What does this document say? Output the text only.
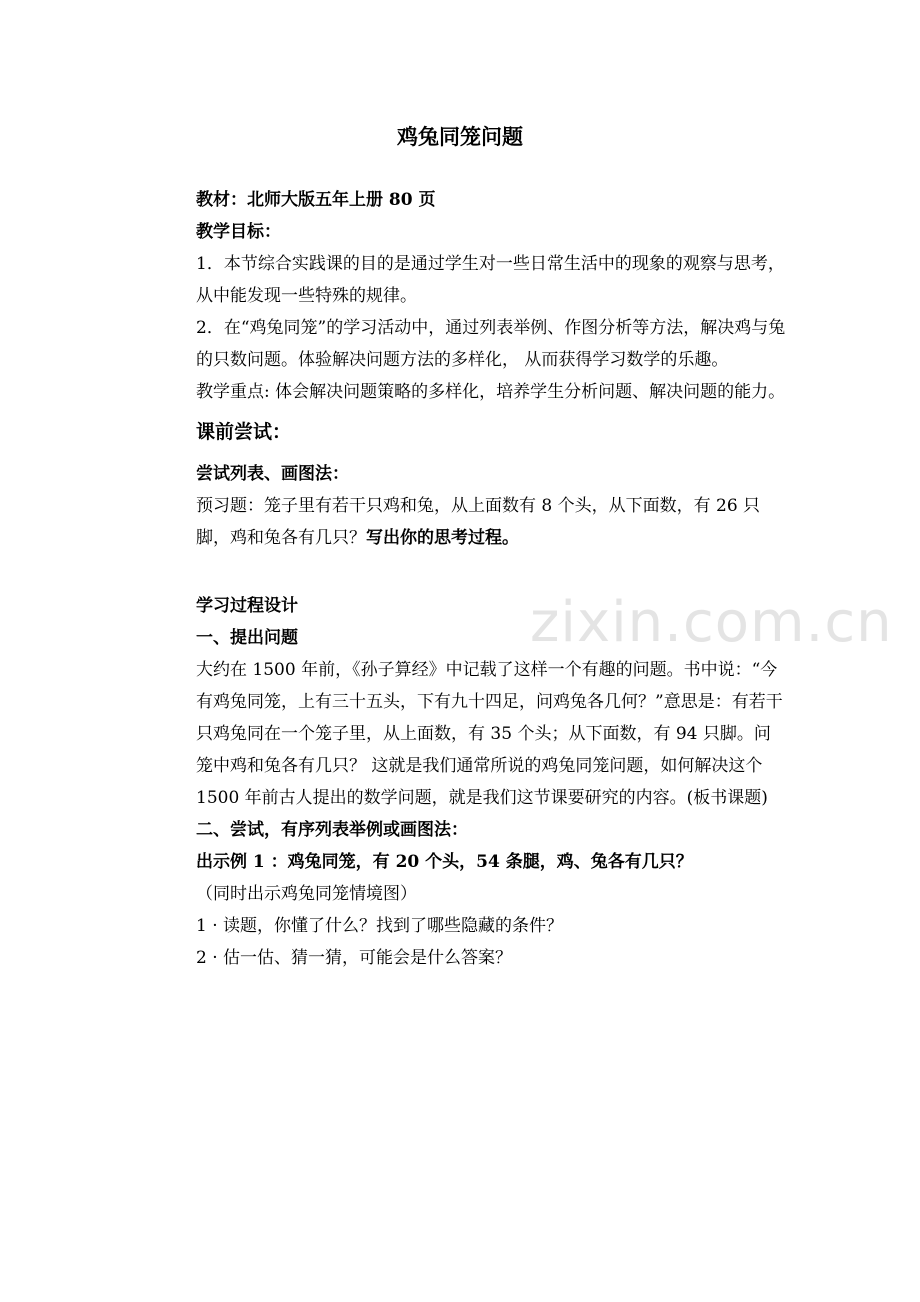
zixin.com.cn
鸡兔同笼问题

教材：北师大版五年上册 80 页

教学目标：

1．本节综合实践课的目的是通过学生对一些日常生活中的现象的观察与思考，从中能发现一些特殊的规律。

2．在“鸡兔同笼”的学习活动中，通过列表举例、作图分析等方法，解决鸡与兔的只数问题。体验解决问题方法的多样化， 从而获得学习数学的乐趣。

教学重点: 体会解决问题策略的多样化，培养学生分析问题、解决问题的能力。

课前尝试：

尝试列表、画图法：

预习题：笼子里有若干只鸡和兔，从上面数有 8 个头，从下面数，有 26 只脚，鸡和兔各有几只？写出你的思考过程。

学习过程设计

一、提出问题

大约在 1500 年前，《孙子算经》中记载了这样一个有趣的问题。书中说：“今有鸡兔同笼，上有三十五头，下有九十四足，问鸡兔各几何？”意思是：有若干只鸡兔同在一个笼子里，从上面数，有 35 个头；从下面数，有 94 只脚。问笼中鸡和兔各有几只？ 这就是我们通常所说的鸡兔同笼问题，如何解决这个 1500 年前古人提出的数学问题，就是我们这节课要研究的内容。(板书课题)

二、尝试，有序列表举例或画图法：

出示例 1 ：鸡兔同笼，有 20 个头，54 条腿，鸡、兔各有几只？

（同时出示鸡兔同笼情境图）

1 · 读题，你懂了什么？找到了哪些隐藏的条件？

2 · 估一估、猜一猜，可能会是什么答案？
